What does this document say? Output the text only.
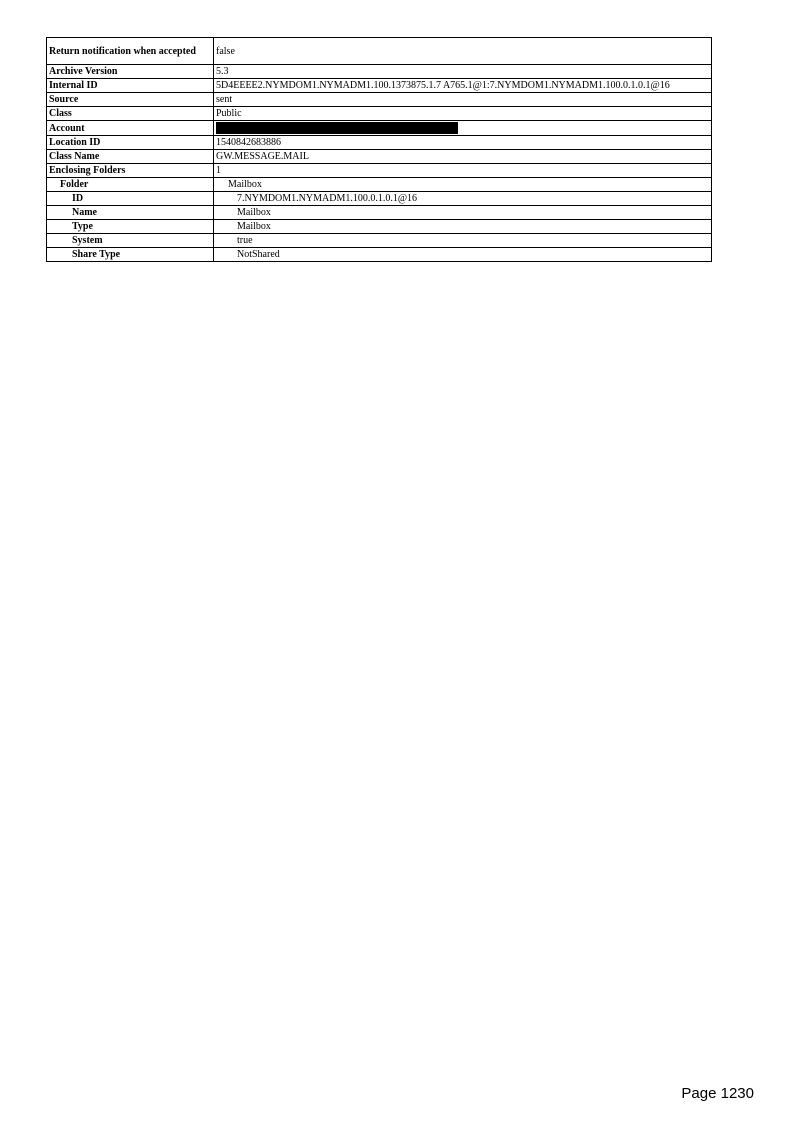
Return notification when accepted	false
Archive Version	5.3
Internal ID	5D4EEEE2.NYMDOM1.NYMADM1.100.1373875.1.7 A765.1@1:7.NYMDOM1.NYMADM1.100.0.1.0.1@16
Source	sent
Class	Public
Account	
Location ID	1540842683886
Class Name	GW.MESSAGE.MAIL
Enclosing Folders	1
Folder	Mailbox
ID	7.NYMDOM1.NYMADM1.100.0.1.0.1@16
Name	Mailbox
Type	Mailbox
System	true
Share Type	NotShared
Page 1230
